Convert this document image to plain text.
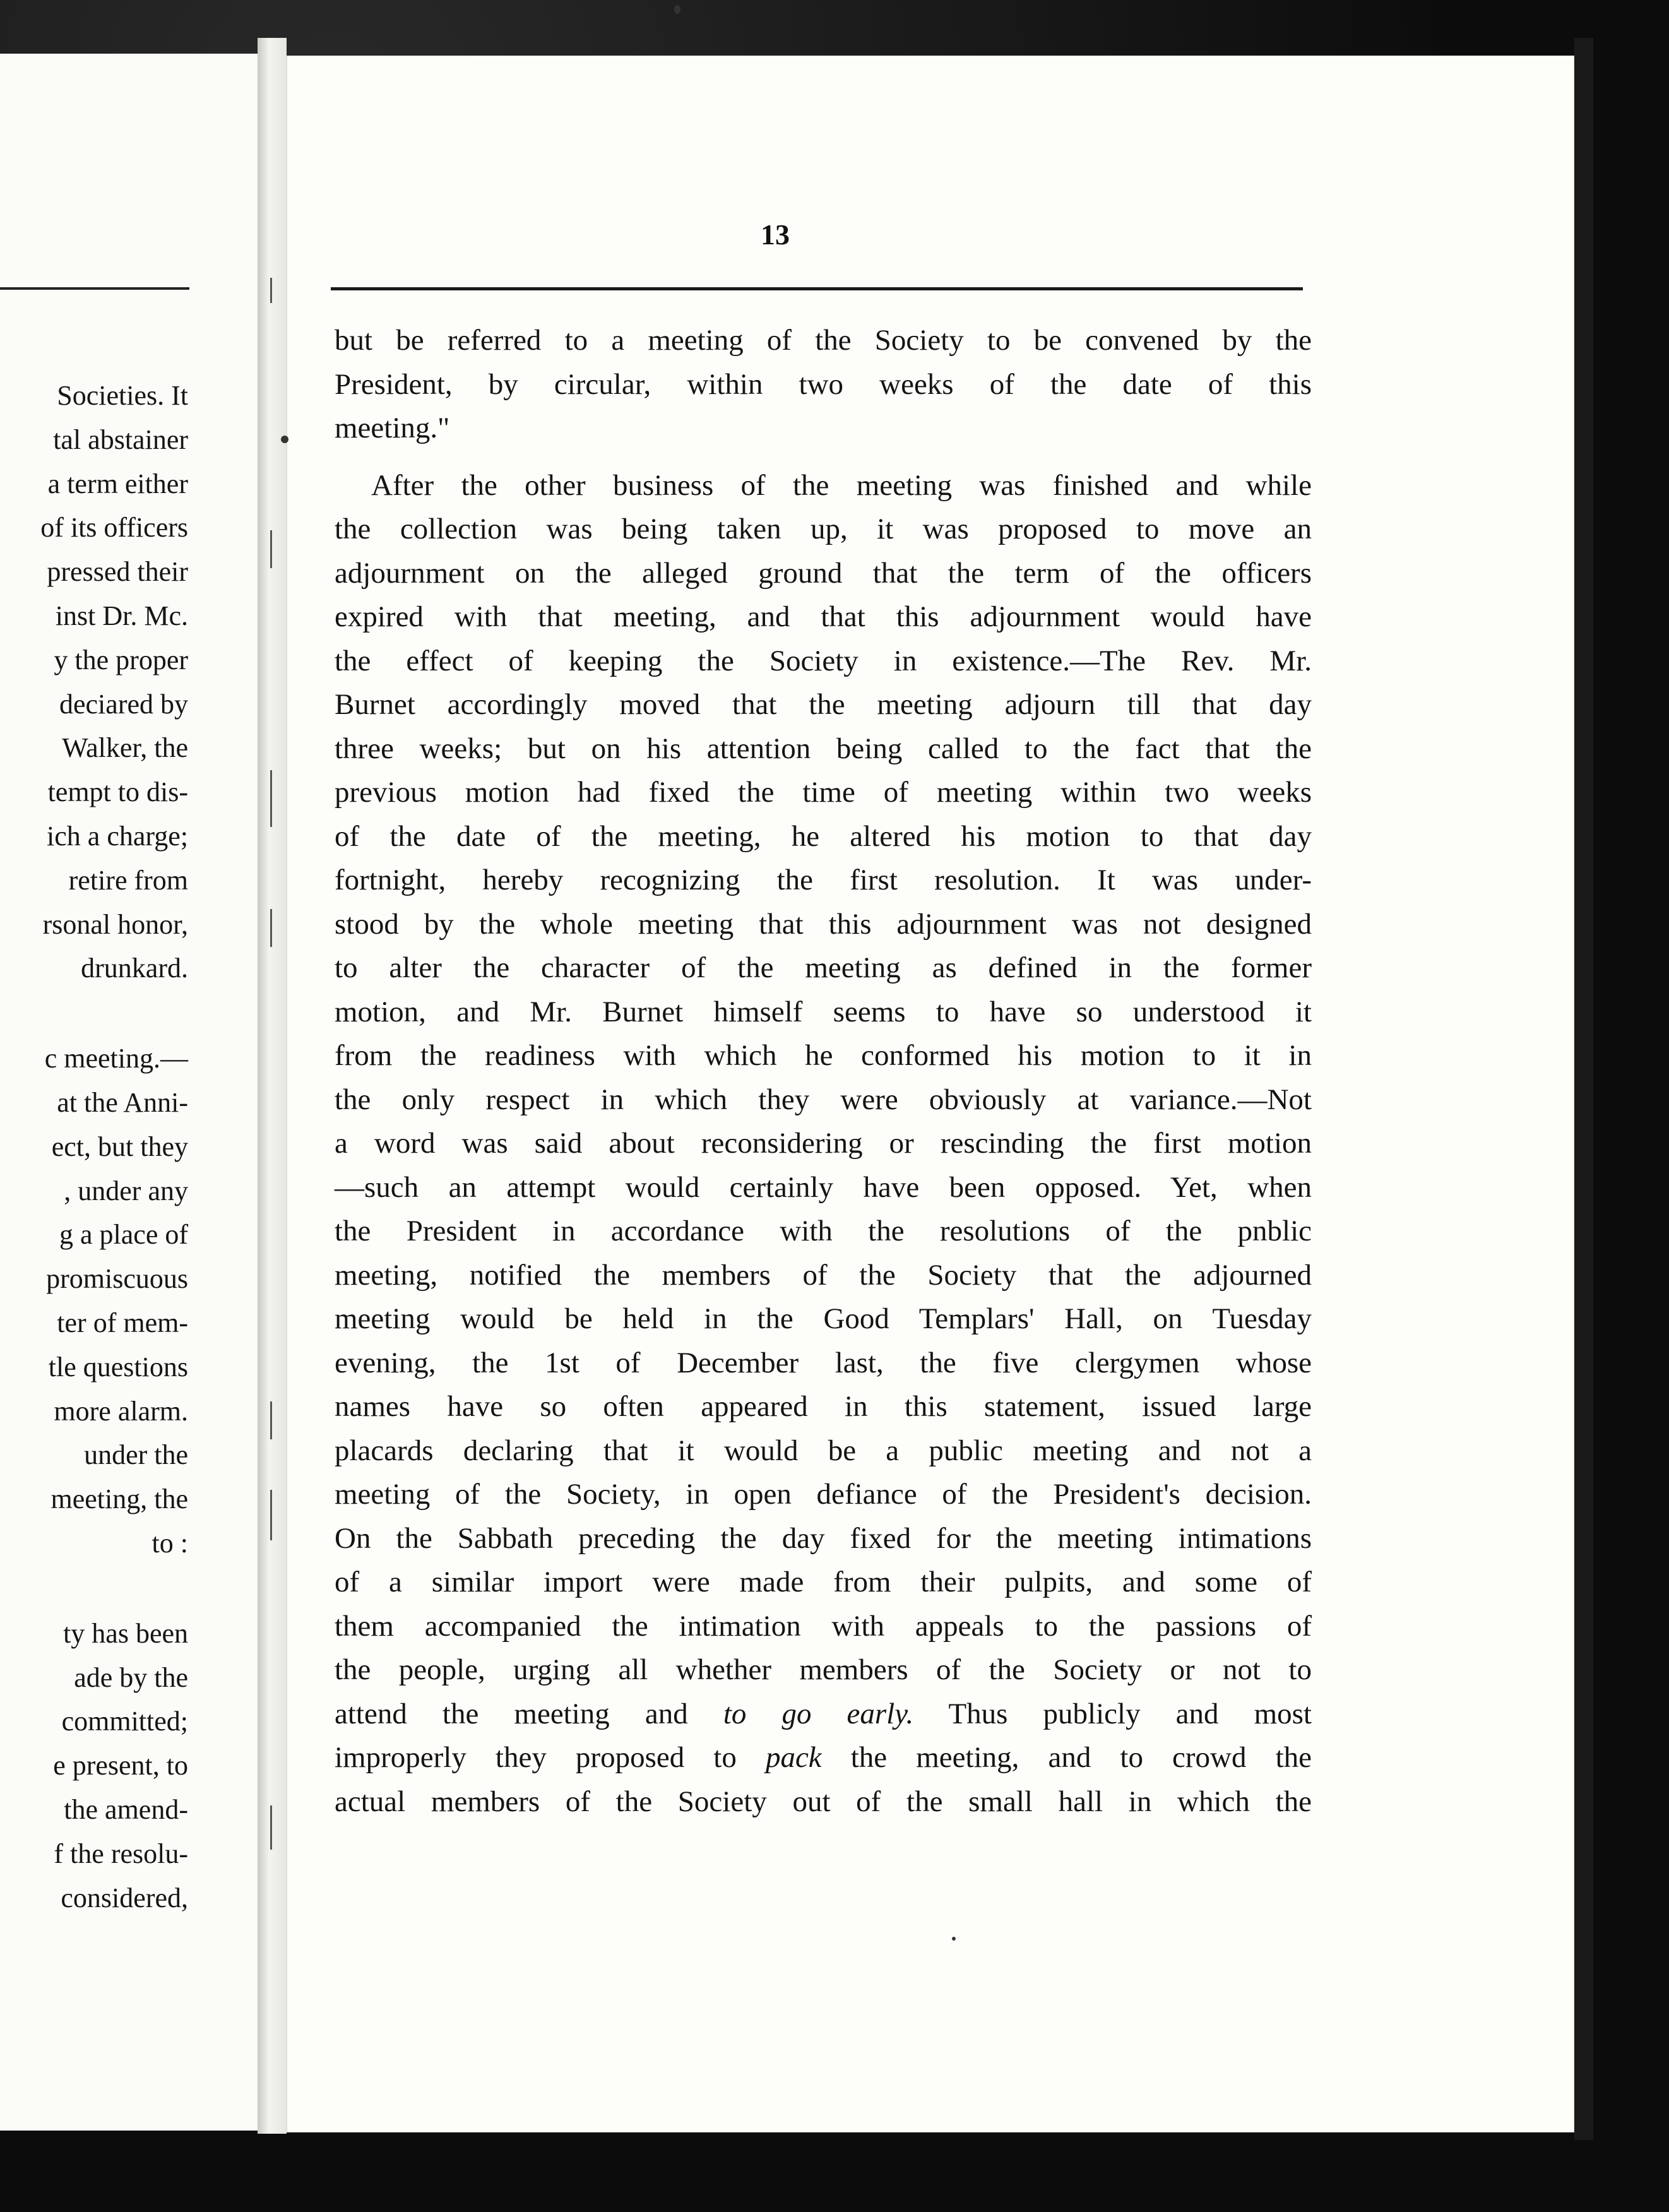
Societies. It
tal abstainer
a term either
of its officers
pressed their
inst Dr. Mc.
y the proper
deciared by
Walker, the
tempt to dis-
ich a charge;
retire from
rsonal honor,
drunkard.
c meeting.—
at the Anni-
ect, but they
, under any
g a place of
promiscuous
ter of mem-
tle questions
more alarm.
under the
meeting, the
to :
ty has been
ade by the
committed;
e present, to
the amend-
f the resolu-
considered,
13
but be referred to a meeting of the Society to be convened by the
President, by circular, within two weeks of the date of this
meeting."
After the other business of the meeting was finished and while
the collection was being taken up, it was proposed to move an
adjournment on the alleged ground that the term of the officers
expired with that meeting, and that this adjournment would have
the effect of keeping the Society in existence.—The Rev. Mr.
Burnet accordingly moved that the meeting adjourn till that day
three weeks; but on his attention being called to the fact that the
previous motion had fixed the time of meeting within two weeks
of the date of the meeting, he altered his motion to that day
fortnight, hereby recognizing the first resolution. It was under-
stood by the whole meeting that this adjournment was not designed
to alter the character of the meeting as defined in the former
motion, and Mr. Burnet himself seems to have so understood it
from the readiness with which he conformed his motion to it in
the only respect in which they were obviously at variance.—Not
a word was said about reconsidering or rescinding the first motion
—such an attempt would certainly have been opposed. Yet, when
the President in accordance with the resolutions of the pnblic
meeting, notified the members of the Society that the adjourned
meeting would be held in the Good Templars' Hall, on Tuesday
evening, the 1st of December last, the five clergymen whose
names have so often appeared in this statement, issued large
placards declaring that it would be a public meeting and not a
meeting of the Society, in open defiance of the President's decision.
On the Sabbath preceding the day fixed for the meeting intimations
of a similar import were made from their pulpits, and some of
them accompanied the intimation with appeals to the passions of
the people, urging all whether members of the Society or not to
attend the meeting and to go early. Thus publicly and most
improperly they proposed to pack the meeting, and to crowd the
actual members of the Society out of the small hall in which the
